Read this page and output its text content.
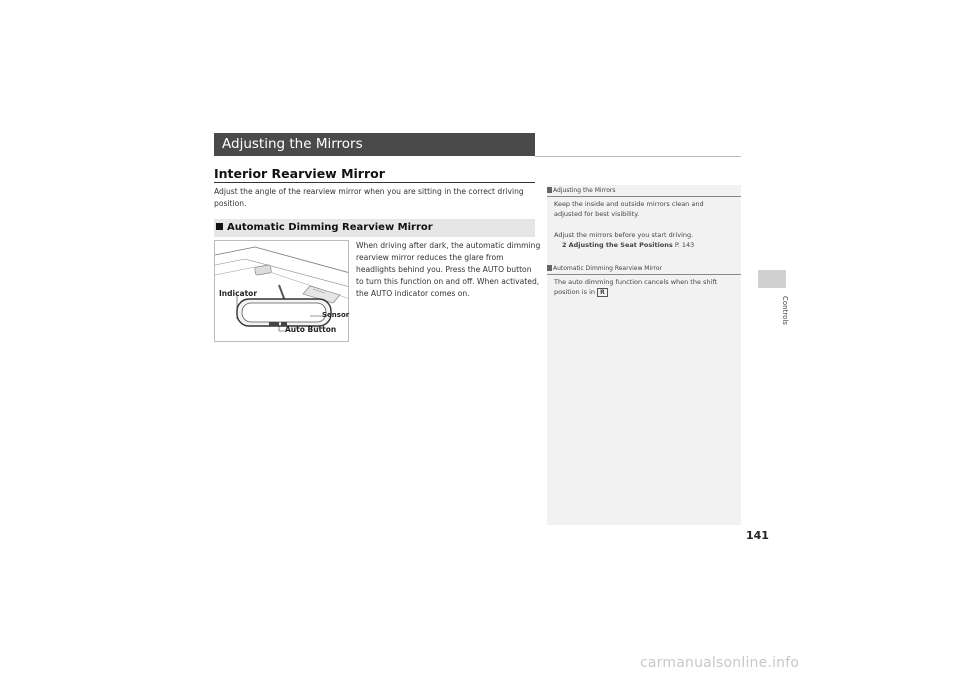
Adjusting the Mirrors
Interior Rearview Mirror
Adjust the angle of the rearview mirror when you are sitting in the correct driving position.
Automatic Dimming Rearview Mirror
Indicator
Sensor
Auto Button
When driving after dark, the automatic dimming rearview mirror reduces the glare from headlights behind you. Press the AUTO button to turn this function on and off. When activated, the AUTO indicator comes on.
Adjusting the Mirrors
Keep the inside and outside mirrors clean and adjusted for best visibility.
Adjust the mirrors before you start driving.
2 Adjusting the Seat Positions P. 143
Automatic Dimming Rearview Mirror
The auto dimming function cancels when the shift position is in R
Controls
141
carmanualsonline.info
